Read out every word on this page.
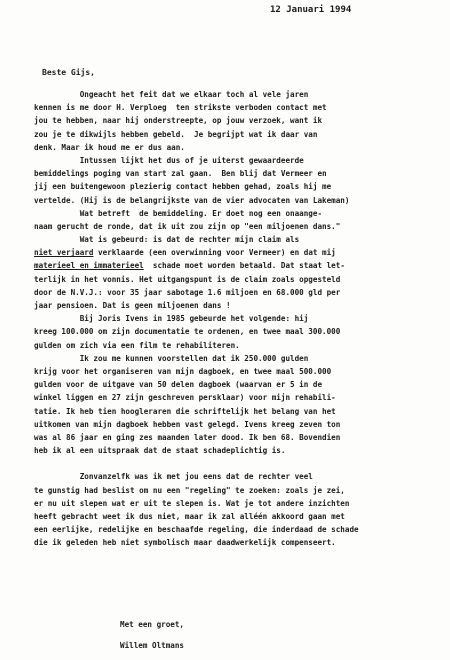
12 Januari 1994
Beste Gijs,
Ongeacht het feit dat we elkaar toch al vele jaren
kennen is me door H. Verploeg  ten strikste verboden contact met
jou te hebben, naar hij onderstreepte, op jouw verzoek, want ik
zou je te dikwijls hebben gebeld.  Je begrijpt wat ik daar van
denk. Maar ik houd me er dus aan.
Intussen lijkt het dus of je uiterst gewaardeerde
bemiddelings poging van start zal gaan.  Ben blij dat Vermeer en
jij een buitengewoon plezierig contact hebben gehad, zoals hij me
vertelde. (Hij is de belangrijkste van de vier advocaten van Lakeman)
Wat betreft  de bemiddeling. Er doet nog een onaange-
naam gerucht de ronde, dat ik uit zou zijn op "een miljoenen dans."
Wat is gebeurd: is dat de rechter mijn claim als
niet verjaard verklaarde (een overwinning voor Vermeer) en dat mij
materieel en immaterieel  schade moet worden betaald. Dat staat let-
terlijk in het vonnis. Het uitgangspunt is de claim zoals opgesteld
door de N.V.J.: voor 35 jaar sabotage 1.6 miljoen en 68.000 gld per
jaar pensioen. Dat is geen miljoenen dans !
Bij Joris Ivens in 1985 gebeurde het volgende: hij
kreeg 100.000 om zijn documentatie te ordenen, en twee maal 300.000
gulden om zich via een film te rehabiliteren.
Ik zou me kunnen voorstellen dat ik 250.000 gulden
krijg voor het organiseren van mijn dagboek, en twee maal 500.000
gulden voor de uitgave van 50 delen dagboek (waarvan er 5 in de
winkel liggen en 27 zijn geschreven persklaar) voor mijn rehabili-
tatie. Ik heb tien hoogleraren die schriftelijk het belang van het
uitkomen van mijn dagboek hebben vast gelegd. Ivens kreeg zeven ton
was al 86 jaar en ging zes maanden later dood. Ik ben 68. Bovendien
heb ik al een uitspraak dat de staat schadeplichtig is.
Zonvanzelfk was ik met jou eens dat de rechter veel
te gunstig had beslist om nu een "regeling" te zoeken: zoals je zei,
er nu uit slepen wat er uit te slepen is. Wat je tot andere inzichten
heeft gebracht weet ik dus niet, maar ik zal alléén akkoord gaan met
een eerlijke, redelijke en beschaafde regeling, die inderdaad de schade
die ik geleden heb niet symbolisch maar daadwerkelijk compenseert.
Met een groet,
Willem Oltmans
